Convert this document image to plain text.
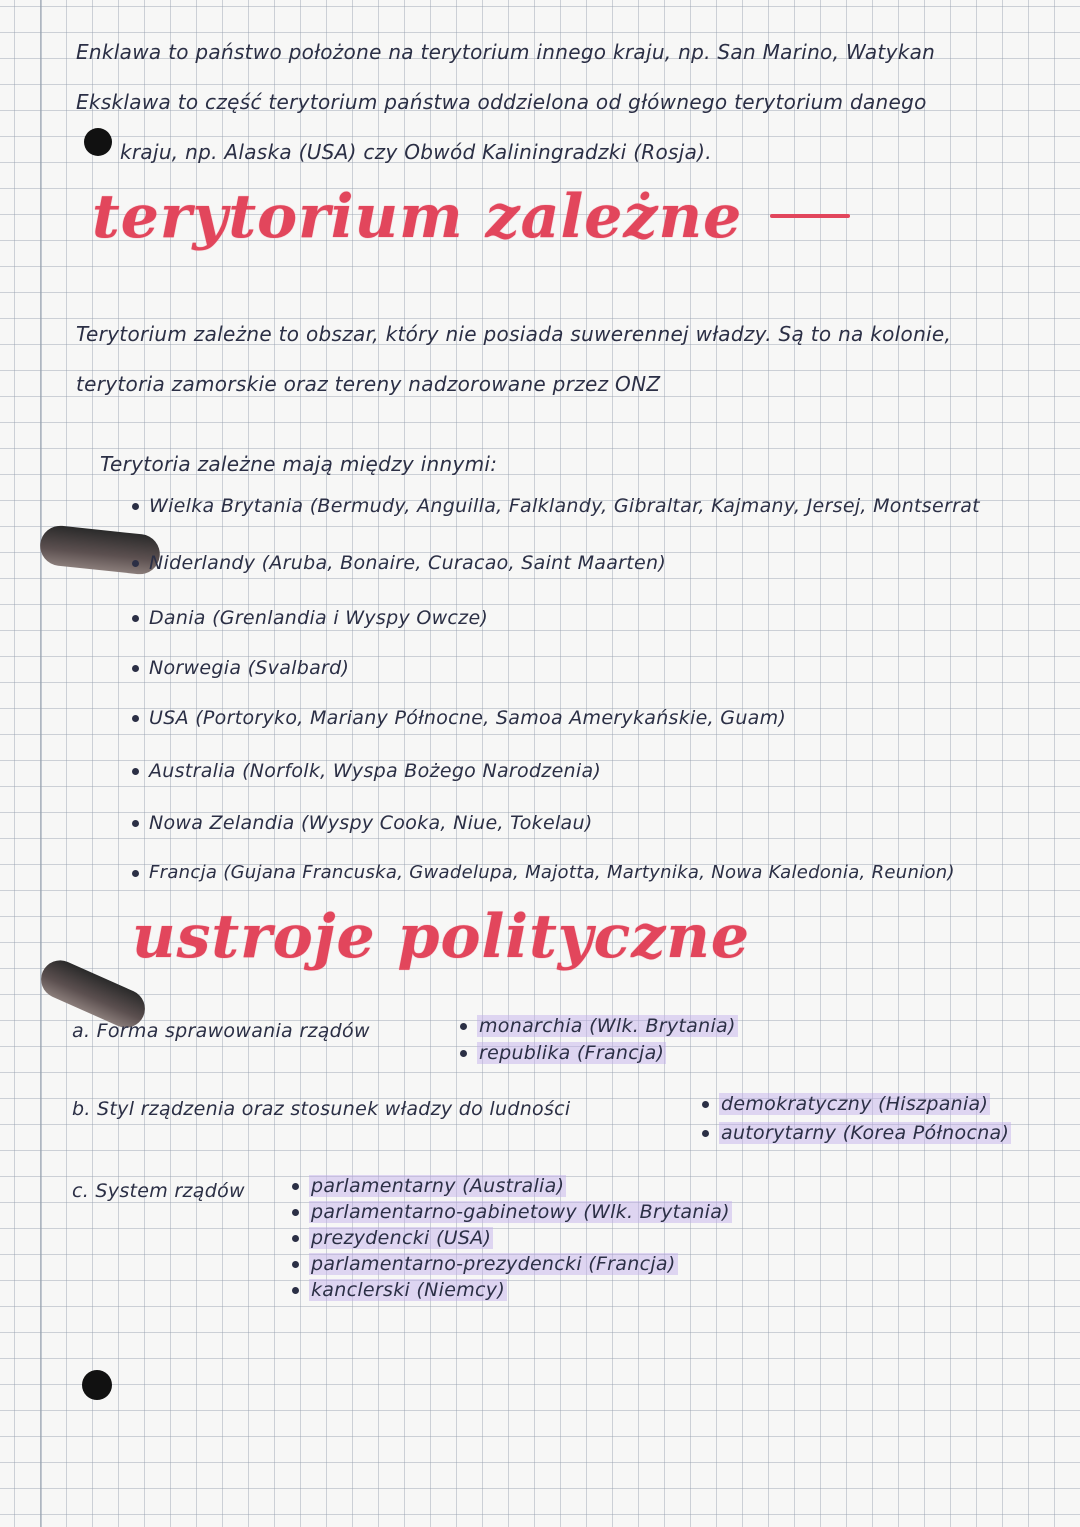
Enklawa to państwo położone na terytorium innego kraju, np. San Marino, Watykan
Eksklawa to część terytorium państwa oddzielona od głównego terytorium danego
kraju, np. Alaska (USA) czy Obwód Kaliningradzki (Rosja).
terytorium zależne
Terytorium zależne to obszar, który nie posiada suwerennej władzy. Są to na kolonie,
terytoria zamorskie oraz tereny nadzorowane przez ONZ
Terytoria zależne mają między innymi:
Wielka Brytania (Bermudy, Anguilla, Falklandy, Gibraltar, Kajmany, Jersej, Montserrat
Niderlandy (Aruba, Bonaire, Curacao, Saint Maarten)
Dania (Grenlandia i Wyspy Owcze)
Norwegia (Svalbard)
USA (Portoryko, Mariany Północne, Samoa Amerykańskie, Guam)
Australia (Norfolk, Wyspa Bożego Narodzenia)
Nowa Zelandia (Wyspy Cooka, Niue, Tokelau)
Francja (Gujana Francuska, Gwadelupa, Majotta, Martynika, Nowa Kaledonia, Reunion)
ustroje polityczne
a. Forma sprawowania rządów	monarchia (Wlk. Brytania)
republika (Francja)
b. Styl rządzenia oraz stosunek władzy do ludności	demokratyczny (Hiszpania)
autorytarny (Korea Północna)
c. System rządów	parlamentarny (Australia)
parlamentarno-gabinetowy (Wlk. Brytania)
prezydencki (USA)
parlamentarno-prezydencki (Francja)
kanclerski (Niemcy)
